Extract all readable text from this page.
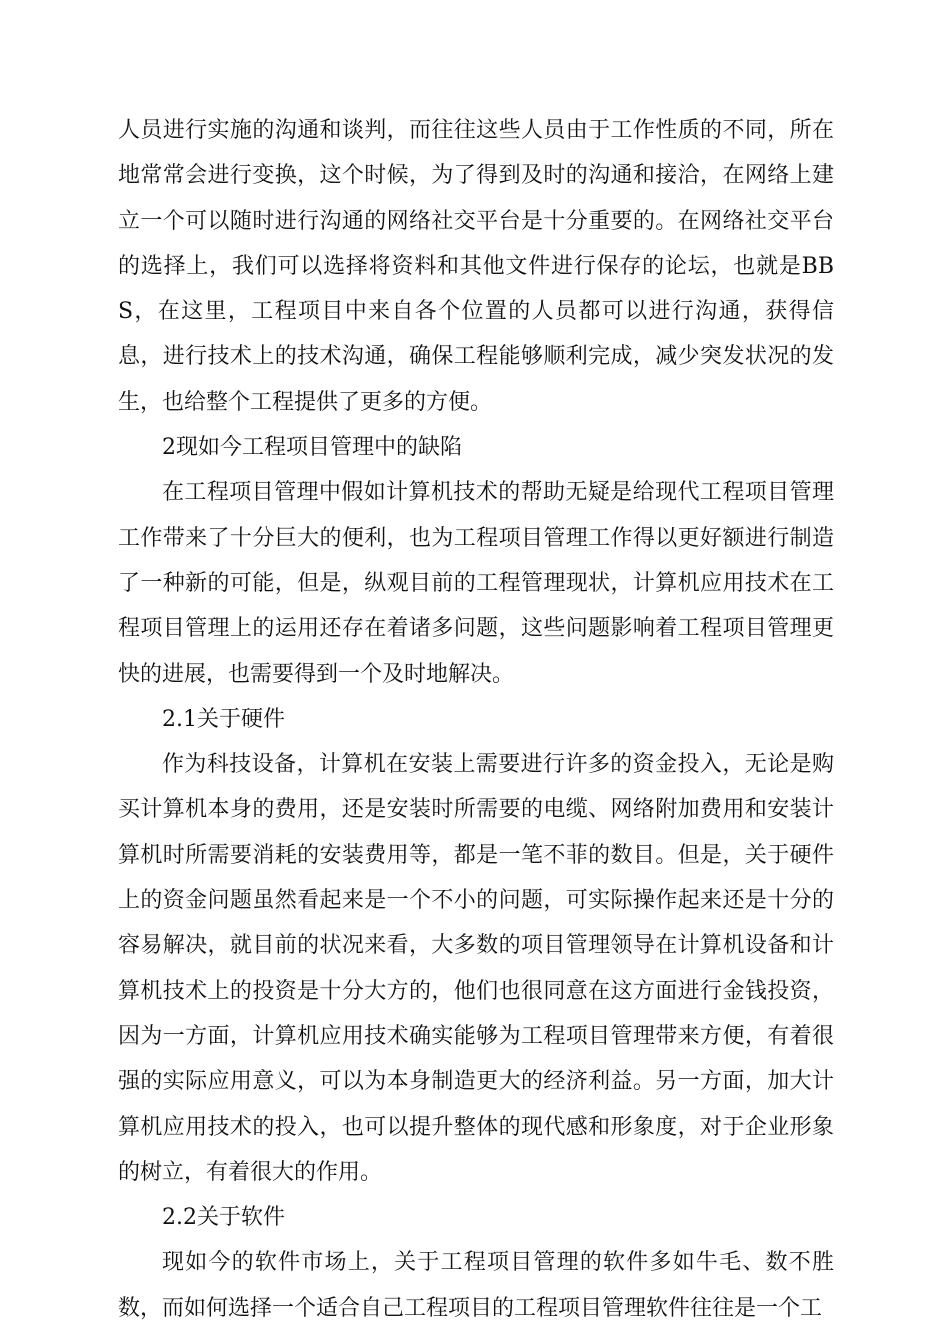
人员进行实施的沟通和谈判，而往往这些人员由于工作性质的不同，所在地常常会进行变换，这个时候，为了得到及时的沟通和接洽，在网络上建立一个可以随时进行沟通的网络社交平台是十分重要的。在网络社交平台的选择上，我们可以选择将资料和其他文件进行保存的论坛，也就是BBS，在这里，工程项目中来自各个位置的人员都可以进行沟通，获得信息，进行技术上的技术沟通，确保工程能够顺利完成，减少突发状况的发生，也给整个工程提供了更多的方便。

2现如今工程项目管理中的缺陷

在工程项目管理中假如计算机技术的帮助无疑是给现代工程项目管理工作带来了十分巨大的便利，也为工程项目管理工作得以更好额进行制造了一种新的可能，但是，纵观目前的工程管理现状，计算机应用技术在工程项目管理上的运用还存在着诸多问题，这些问题影响着工程项目管理更快的进展，也需要得到一个及时地解决。

2.1关于硬件

作为科技设备，计算机在安装上需要进行许多的资金投入，无论是购买计算机本身的费用，还是安装时所需要的电缆、网络附加费用和安装计算机时所需要消耗的安装费用等，都是一笔不菲的数目。但是，关于硬件上的资金问题虽然看起来是一个不小的问题，可实际操作起来还是十分的容易解决，就目前的状况来看，大多数的项目管理领导在计算机设备和计算机技术上的投资是十分大方的，他们也很同意在这方面进行金钱投资，因为一方面，计算机应用技术确实能够为工程项目管理带来方便，有着很强的实际应用意义，可以为本身制造更大的经济利益。另一方面，加大计算机应用技术的投入，也可以提升整体的现代感和形象度，对于企业形象的树立，有着很大的作用。

2.2关于软件

现如今的软件市场上，关于工程项目管理的软件多如牛毛、数不胜数，而如何选择一个适合自己工程项目的工程项目管理软件往往是一个工
